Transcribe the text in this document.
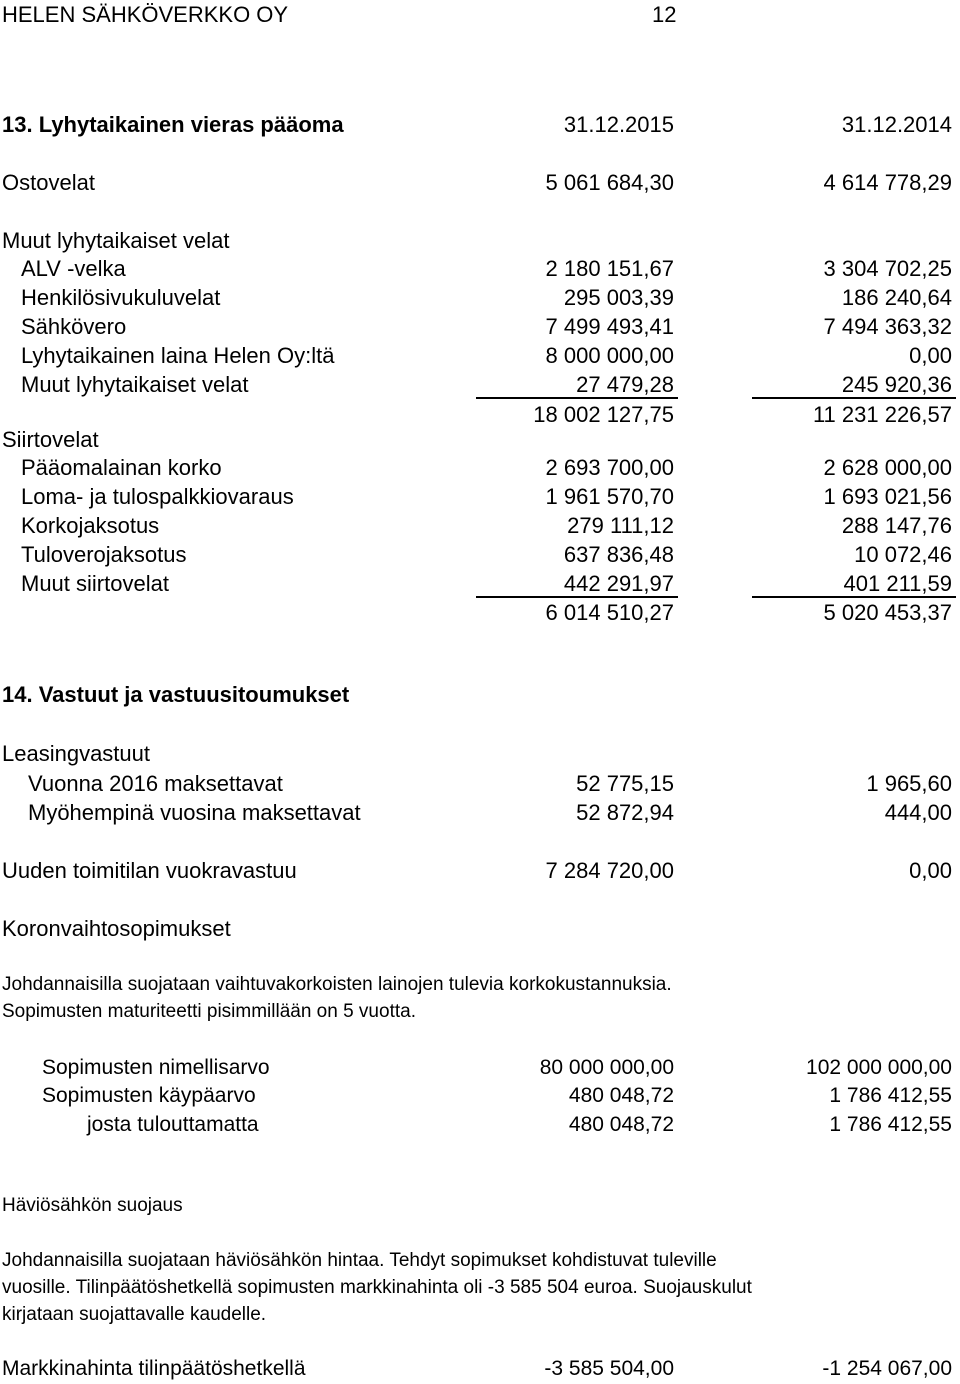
HELEN SÄHKÖVERKKO OY	12
13. Lyhytaikainen vieras pääoma	31.12.2015	31.12.2014
Ostovelat	5 061 684,30	4 614 778,29
Muut lyhytaikaiset velat
ALV -velka	2 180 151,67	3 304 702,25
Henkilösivukuluvelat	295 003,39	186 240,64
Sähkövero	7 499 493,41	7 494 363,32
Lyhytaikainen laina Helen Oy:ltä	8 000 000,00	0,00
Muut lyhytaikaiset velat	27 479,28	245 920,36
18 002 127,75	11 231 226,57
Siirtovelat
Pääomalainan korko	2 693 700,00	2 628 000,00
Loma- ja tulospalkkiovaraus	1 961 570,70	1 693 021,56
Korkojaksotus	279 111,12	288 147,76
Tuloverojaksotus	637 836,48	10 072,46
Muut siirtovelat	442 291,97	401 211,59
6 014 510,27	5 020 453,37
14. Vastuut ja vastuusitoumukset
Leasingvastuut
Vuonna 2016 maksettavat	52 775,15	1 965,60
Myöhempinä vuosina maksettavat	52 872,94	444,00
Uuden toimitilan vuokravastuu	7 284 720,00	0,00
Koronvaihtosopimukset
Johdannaisilla suojataan vaihtuvakorkoisten lainojen tulevia korkokustannuksia.
Sopimusten maturiteetti pisimmillään on 5 vuotta.
Sopimusten nimellisarvo	80 000 000,00	102 000 000,00
Sopimusten käypäarvo	480 048,72	1 786 412,55
josta tulouttamatta	480 048,72	1 786 412,55
Häviösähkön suojaus
Johdannaisilla suojataan häviösähkön hintaa. Tehdyt sopimukset kohdistuvat tuleville
vuosille. Tilinpäätöshetkellä sopimusten markkinahinta oli -3 585 504 euroa. Suojauskulut
kirjataan suojattavalle kaudelle.
Markkinahinta tilinpäätöshetkellä	-3 585 504,00	-1 254 067,00
